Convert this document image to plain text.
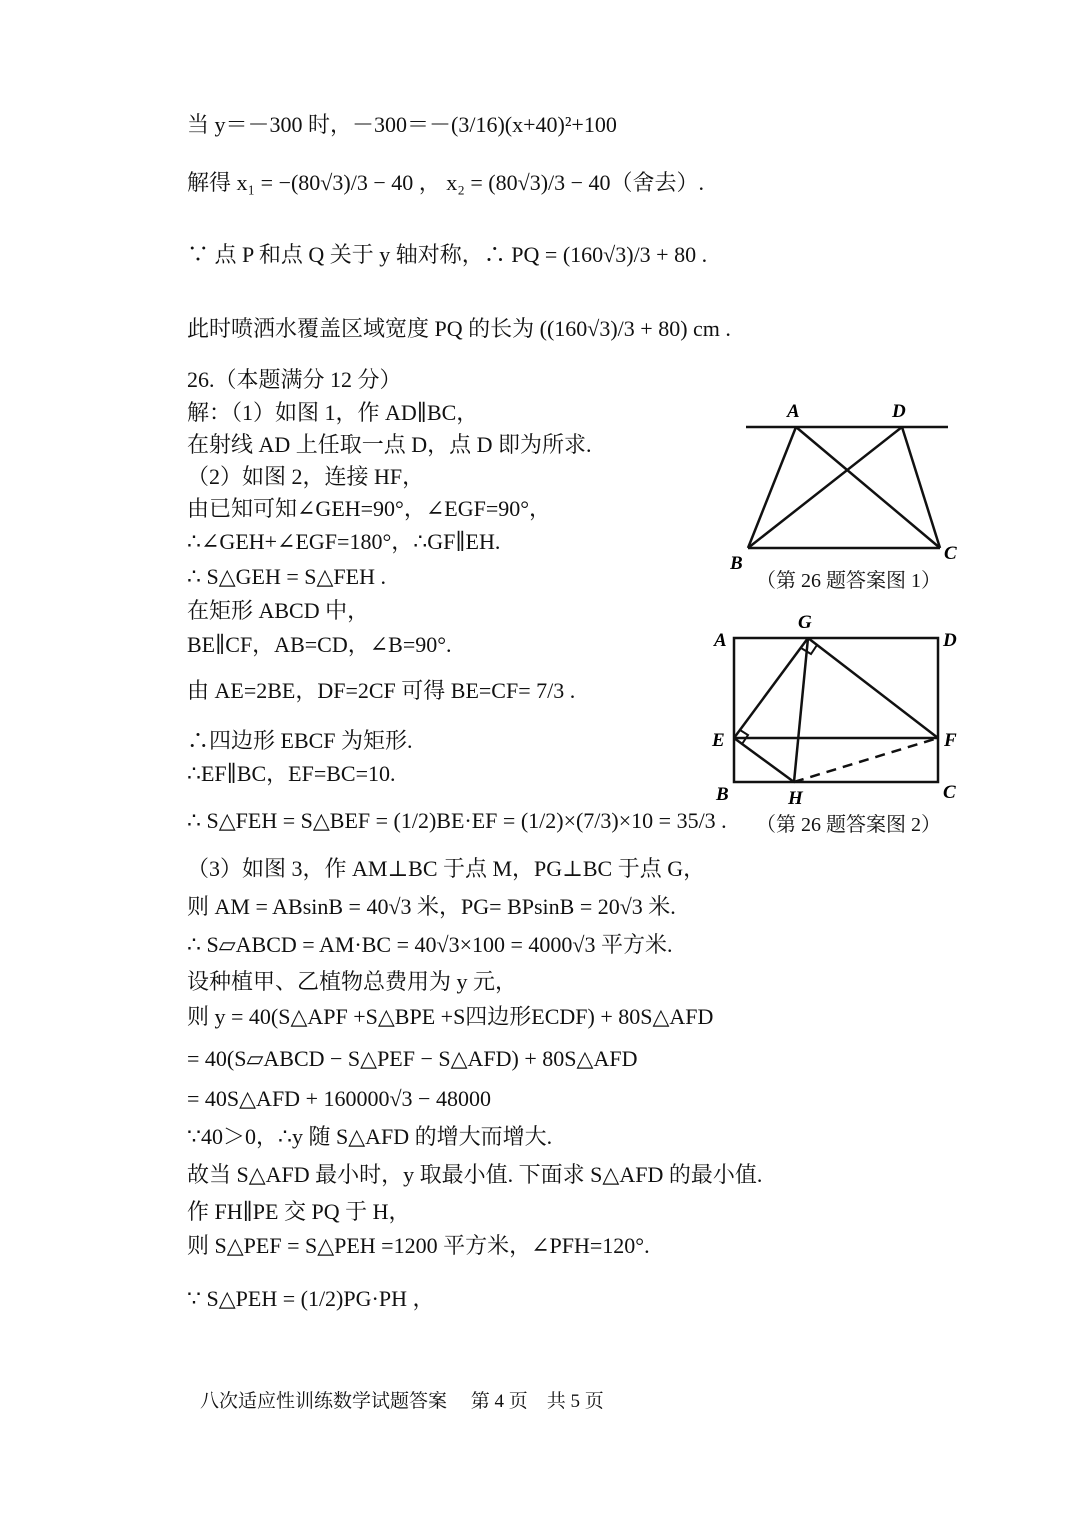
当 y＝－300 时，－300＝－(3/16)(x+40)²+100
解得 x₁ = −(80√3)/3 − 40 ， x₂ = (80√3)/3 − 40（舍去）.
∵ 点 P 和点 Q 关于 y 轴对称，∴ PQ = (160√3)/3 + 80 .
此时喷洒水覆盖区域宽度 PQ 的长为 ((160√3)/3 + 80) cm .
26.（本题满分 12 分）
解：（1）如图 1，作 AD∥BC，
在射线 AD 上任取一点 D，点 D 即为所求.
（2）如图 2，连接 HF，
由已知可知∠GEH=90°，∠EGF=90°，
∴∠GEH+∠EGF=180°，∴GF∥EH.
∴ S△GEH = S△FEH .
在矩形 ABCD 中，
BE∥CF，AB=CD，∠B=90°.
由 AE=2BE，DF=2CF 可得 BE=CF= 7/3 .
∴四边形 EBCF 为矩形.
∴EF∥BC，EF=BC=10.
∴ S△FEH = S△BEF = (1/2)BE·EF = (1/2)×(7/3)×10 = 35/3 .
（3）如图 3，作 AM⊥BC 于点 M，PG⊥BC 于点 G，
则 AM = ABsinB = 40√3 米，PG= BPsinB = 20√3 米.
∴ S▱ABCD = AM·BC = 40√3×100 = 4000√3 平方米.
设种植甲、乙植物总费用为 y 元，
则 y = 40(S△APF +S△BPE +S四边形ECDF) + 80S△AFD
= 40(S▱ABCD − S△PEF − S△AFD) + 80S△AFD
= 40S△AFD + 160000√3 − 48000
∵40＞0，∴y 随 S△AFD 的增大而增大.
故当 S△AFD 最小时，y 取最小值. 下面求 S△AFD 的最小值.
作 FH∥PE 交 PQ 于 H，
则 S△PEF = S△PEH =1200 平方米，∠PFH=120°.
∵ S△PEH = (1/2)PG·PH ，
A	D
B	C
（第 26 题答案图 1）
G
A	D
E	F
B	H	C
（第 26 题答案图 2）
八次适应性训练数学试题答案　 第 4 页　共 5 页
